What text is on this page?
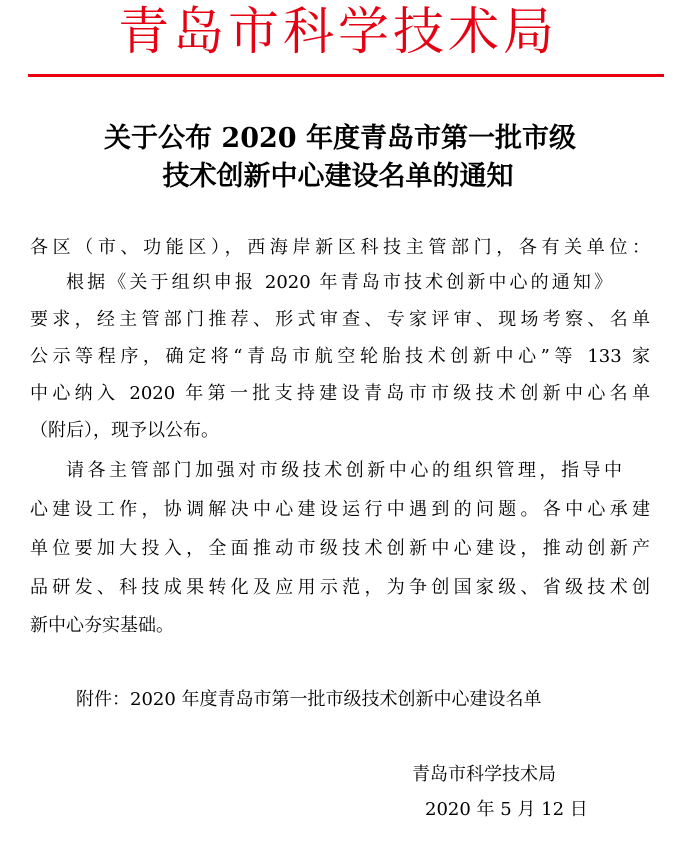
青岛市科学技术局
关于公布 2020 年度青岛市第一批市级
技术创新中心建设名单的通知
各区（市、功能区），西海岸新区科技主管部门，各有关单位：
根据《关于组织申报 2020 年青岛市技术创新中心的通知》
要求，经主管部门推荐、形式审查、专家评审、现场考察、名单
公示等程序，确定将“青岛市航空轮胎技术创新中心”等 133 家
中心纳入 2020 年第一批支持建设青岛市市级技术创新中心名单
（附后），现予以公布。
请各主管部门加强对市级技术创新中心的组织管理，指导中
心建设工作，协调解决中心建设运行中遇到的问题。各中心承建
单位要加大投入，全面推动市级技术创新中心建设，推动创新产
品研发、科技成果转化及应用示范，为争创国家级、省级技术创
新中心夯实基础。
附件：2020 年度青岛市第一批市级技术创新中心建设名单
青岛市科学技术局
2020 年 5 月 12 日
